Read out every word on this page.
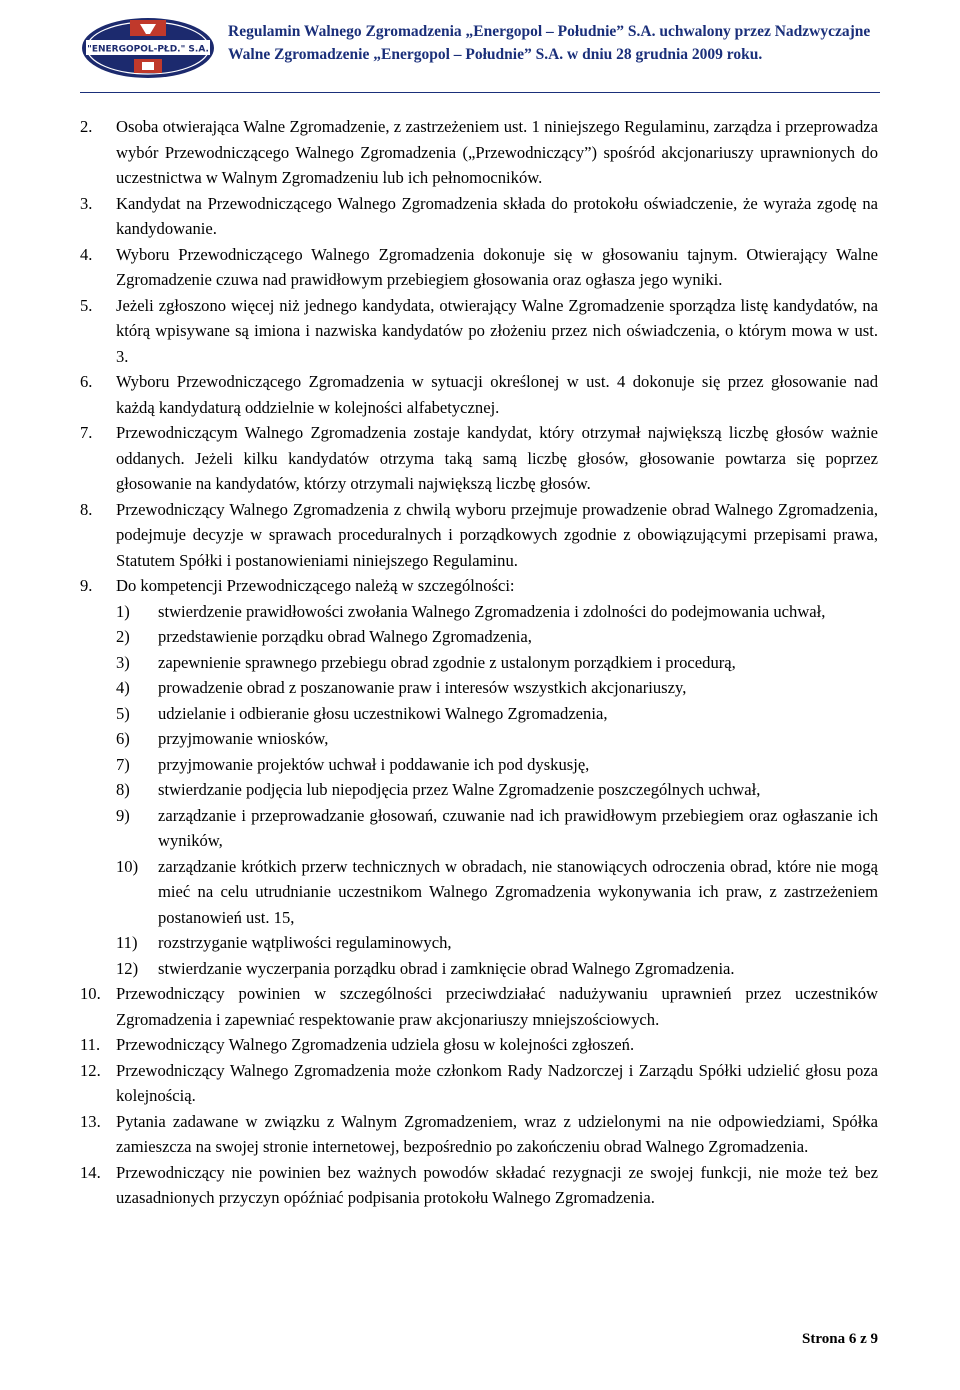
"ENERGOPOL-PŁD." S.A.
Regulamin Walnego Zgromadzenia „Energopol – Południe” S.A. uchwalony przez Nadzwyczajne
Walne Zgromadzenie „Energopol – Południe” S.A. w dniu 28 grudnia 2009 roku.
2. Osoba otwierająca Walne Zgromadzenie, z zastrzeżeniem ust. 1 niniejszego Regulaminu, zarządza i przeprowadza wybór Przewodniczącego Walnego Zgromadzenia („Przewodniczący”) spośród akcjonariuszy uprawnionych do uczestnictwa w Walnym Zgromadzeniu lub ich pełnomocników.
3. Kandydat na Przewodniczącego Walnego Zgromadzenia składa do protokołu oświadczenie, że wyraża zgodę na kandydowanie.
4. Wyboru Przewodniczącego Walnego Zgromadzenia dokonuje się w głosowaniu tajnym. Otwierający Walne Zgromadzenie czuwa nad prawidłowym przebiegiem głosowania oraz ogłasza jego wyniki.
5. Jeżeli zgłoszono więcej niż jednego kandydata, otwierający Walne Zgromadzenie sporządza listę kandydatów, na którą wpisywane są imiona i nazwiska kandydatów po złożeniu przez nich oświadczenia, o którym mowa w ust. 3.
6. Wyboru Przewodniczącego Zgromadzenia w sytuacji określonej w ust. 4 dokonuje się przez głosowanie nad każdą kandydaturą oddzielnie w kolejności alfabetycznej.
7. Przewodniczącym Walnego Zgromadzenia zostaje kandydat, który otrzymał największą liczbę głosów ważnie oddanych. Jeżeli kilku kandydatów otrzyma taką samą liczbę głosów, głosowanie powtarza się poprzez głosowanie na kandydatów, którzy otrzymali największą liczbę głosów.
8. Przewodniczący Walnego Zgromadzenia z chwilą wyboru przejmuje prowadzenie obrad Walnego Zgromadzenia, podejmuje decyzje w sprawach proceduralnych i porządkowych zgodnie z obowiązującymi przepisami prawa, Statutem Spółki i postanowieniami niniejszego Regulaminu.
9. Do kompetencji Przewodniczącego należą w szczególności:
1) stwierdzenie prawidłowości zwołania Walnego Zgromadzenia i zdolności do podejmowania uchwał,
2) przedstawienie porządku obrad Walnego Zgromadzenia,
3) zapewnienie sprawnego przebiegu obrad zgodnie z ustalonym porządkiem i procedurą,
4) prowadzenie obrad z poszanowanie praw i interesów wszystkich akcjonariuszy,
5) udzielanie i odbieranie głosu uczestnikowi Walnego Zgromadzenia,
6) przyjmowanie wniosków,
7) przyjmowanie projektów uchwał i poddawanie ich pod dyskusję,
8) stwierdzanie podjęcia lub niepodjęcia przez Walne Zgromadzenie poszczególnych uchwał,
9) zarządzanie i przeprowadzanie głosowań, czuwanie nad ich prawidłowym przebiegiem oraz ogłaszanie ich wyników,
10) zarządzanie krótkich przerw technicznych w obradach, nie stanowiących odroczenia obrad, które nie mogą mieć na celu utrudnianie uczestnikom Walnego Zgromadzenia wykonywania ich praw, z zastrzeżeniem postanowień ust. 15,
11) rozstrzyganie wątpliwości regulaminowych,
12) stwierdzanie wyczerpania porządku obrad i zamknięcie obrad Walnego Zgromadzenia.
10. Przewodniczący powinien w szczególności przeciwdziałać nadużywaniu uprawnień przez uczestników Zgromadzenia i zapewniać respektowanie praw akcjonariuszy mniejszościowych.
11. Przewodniczący Walnego Zgromadzenia udziela głosu w kolejności zgłoszeń.
12. Przewodniczący Walnego Zgromadzenia może członkom Rady Nadzorczej i Zarządu Spółki udzielić głosu poza kolejnością.
13. Pytania zadawane w związku z Walnym Zgromadzeniem, wraz z udzielonymi na nie odpowiedziami, Spółka zamieszcza na swojej stronie internetowej, bezpośrednio po zakończeniu obrad Walnego Zgromadzenia.
14. Przewodniczący nie powinien bez ważnych powodów składać rezygnacji ze swojej funkcji, nie może też bez uzasadnionych przyczyn opóźniać podpisania protokołu Walnego Zgromadzenia.
Strona 6 z 9
